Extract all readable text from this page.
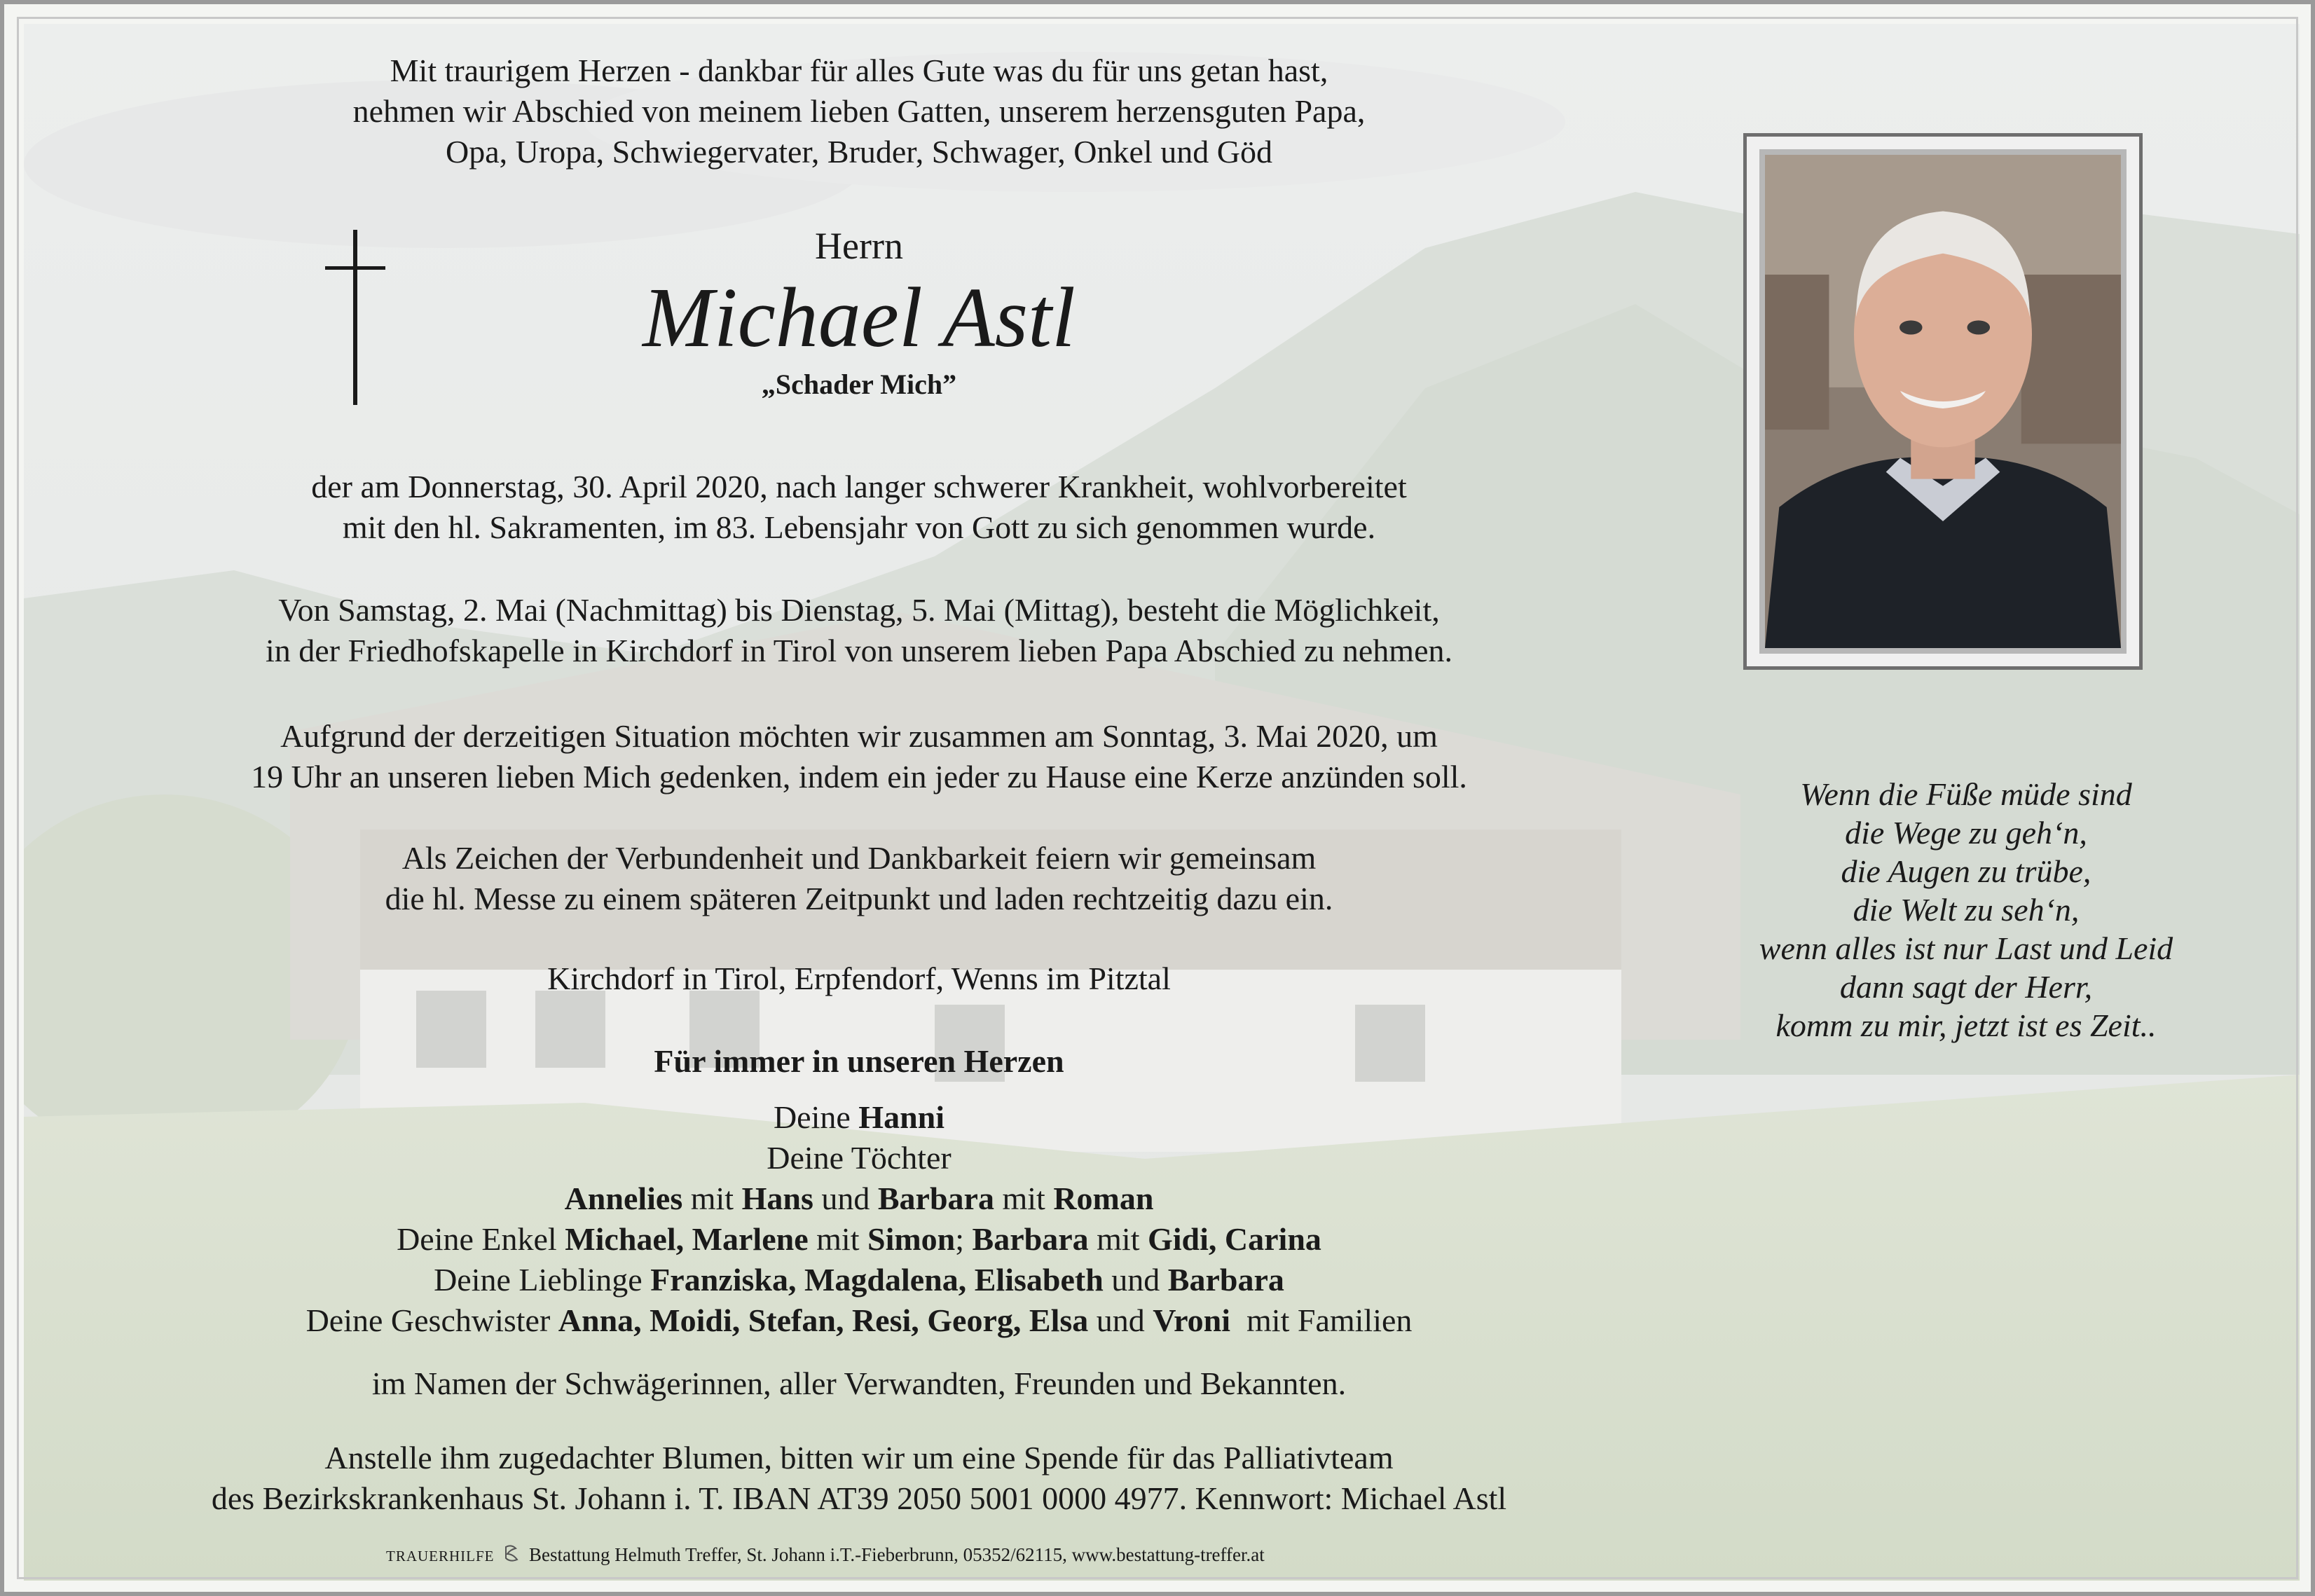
Mit traurigem Herzen - dankbar für alles Gute was du für uns getan hast,
nehmen wir Abschied von meinem lieben Gatten, unserem herzensguten Papa,
Opa, Uropa, Schwiegervater, Bruder, Schwager, Onkel und Göd
Herrn
Michael Astl
„Schader Mich”
der am Donnerstag, 30. April 2020, nach langer schwerer Krankheit, wohlvorbereitet
mit den hl. Sakramenten, im 83. Lebensjahr von Gott zu sich genommen wurde.
Von Samstag, 2. Mai (Nachmittag) bis Dienstag, 5. Mai (Mittag), besteht die Möglichkeit,
in der Friedhofskapelle in Kirchdorf in Tirol von unserem lieben Papa Abschied zu nehmen.
Aufgrund der derzeitigen Situation möchten wir zusammen am Sonntag, 3. Mai 2020, um
19 Uhr an unseren lieben Mich gedenken, indem ein jeder zu Hause eine Kerze anzünden soll.
Als Zeichen der Verbundenheit und Dankbarkeit feiern wir gemeinsam
die hl. Messe zu einem späteren Zeitpunkt und laden rechtzeitig dazu ein.
Kirchdorf in Tirol, Erpfendorf, Wenns im Pitztal
Für immer in unseren Herzen
Deine Hanni
Deine Töchter
Annelies mit Hans und Barbara mit Roman
Deine Enkel Michael, Marlene mit Simon; Barbara mit Gidi, Carina
Deine Lieblinge Franziska, Magdalena, Elisabeth und Barbara
Deine Geschwister Anna, Moidi, Stefan, Resi, Georg, Elsa und Vroni mit Familien
im Namen der Schwägerinnen, aller Verwandten, Freunden und Bekannten.
Anstelle ihm zugedachter Blumen, bitten wir um eine Spende für das Palliativteam
des Bezirkskrankenhaus St. Johann i. T. IBAN AT39 2050 5001 0000 4977. Kennwort: Michael Astl
Wenn die Füße müde sind
die Wege zu geh‘n,
die Augen zu trübe,
die Welt zu seh‘n,
wenn alles ist nur Last und Leid
dann sagt der Herr,
komm zu mir, jetzt ist es Zeit..
TRAUERHILFE Bestattung Helmuth Treffer, St. Johann i.T.-Fieberbrunn, 05352/62115, www.bestattung-treffer.at
